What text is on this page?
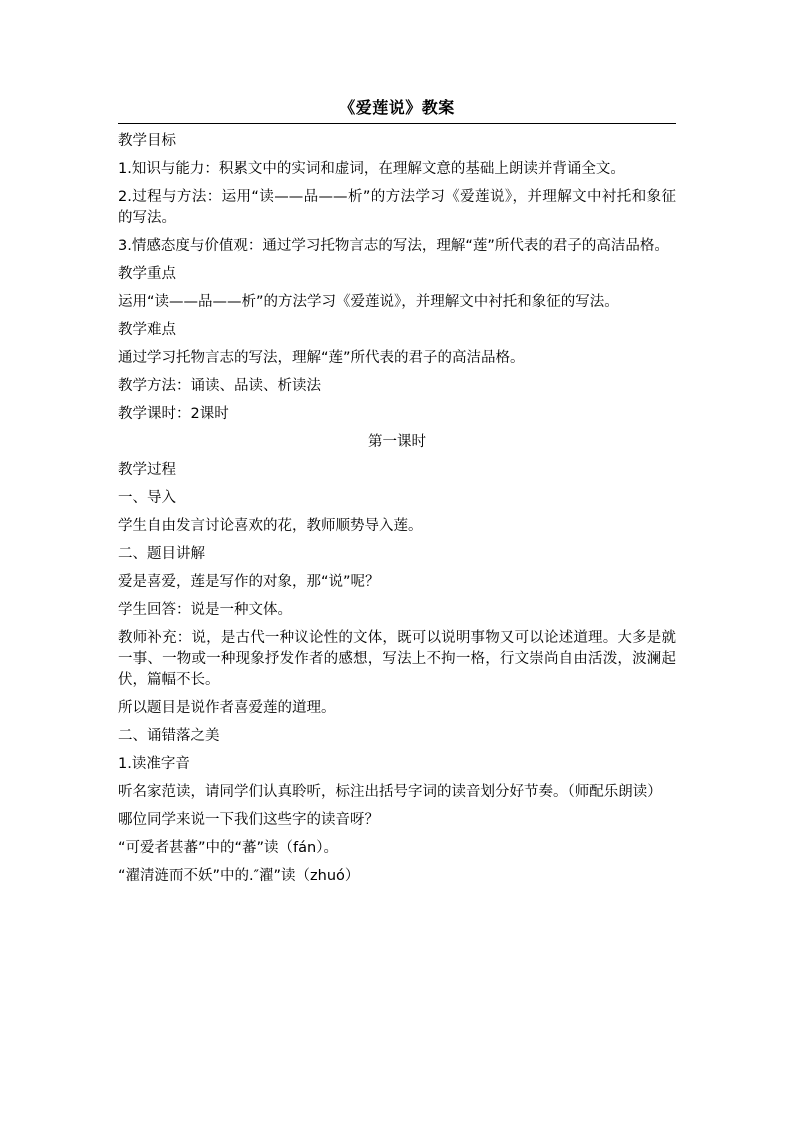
《爱莲说》教案

教学目标

1.知识与能力：积累文中的实词和虚词，在理解文意的基础上朗读并背诵全文。

2.过程与方法：运用“读——品——析”的方法学习《爱莲说》，并理解文中衬托和象征的写法。

3.情感态度与价值观：通过学习托物言志的写法，理解“莲”所代表的君子的高洁品格。

教学重点

运用“读——品——析”的方法学习《爱莲说》，并理解文中衬托和象征的写法。

教学难点

通过学习托物言志的写法，理解“莲”所代表的君子的高洁品格。

教学方法：诵读、品读、析读法

教学课时：2课时

第一课时

教学过程

一、导入

学生自由发言讨论喜欢的花，教师顺势导入莲。

二、题目讲解

爱是喜爱，莲是写作的对象，那“说”呢？

学生回答：说是一种文体。

教师补充：说，是古代一种议论性的文体，既可以说明事物又可以论述道理。大多是就一事、一物或一种现象抒发作者的感想，写法上不拘一格，行文崇尚自由活泼，波澜起伏，篇幅不长。

所以题目是说作者喜爱莲的道理。

二、诵错落之美

1.读准字音

听名家范读，请同学们认真聆听，标注出括号字词的读音划分好节奏。（师配乐朗读）

哪位同学来说一下我们这些字的读音呀？

“可爱者甚蕃”中的“蕃”读（fán）。

“濯清涟而不妖”中的.″濯”读（zhuó）
